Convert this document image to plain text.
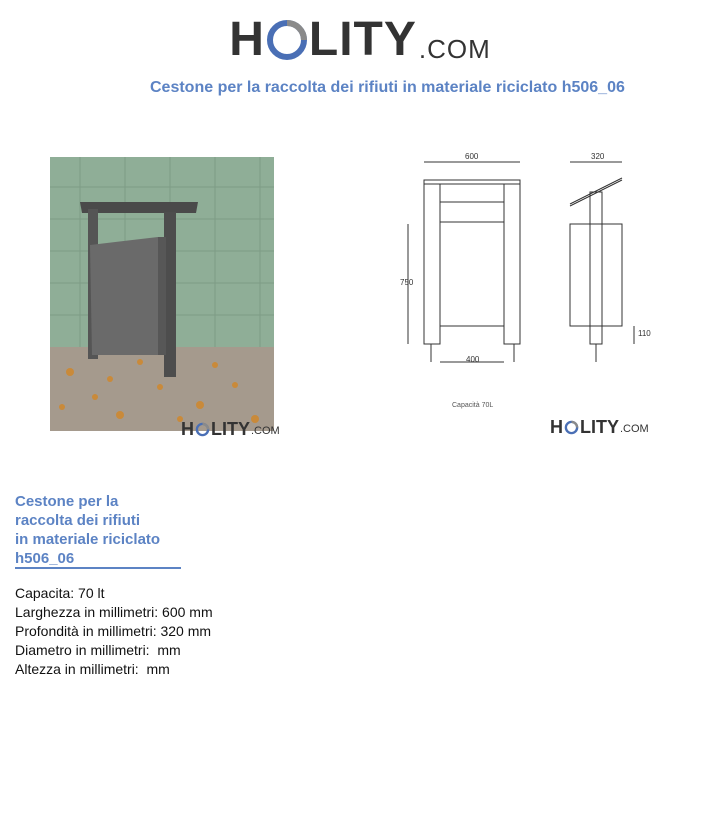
H LITY .COM
Cestone per la raccolta dei rifiuti in materiale riciclato h506_06
H LITY .COM
600	320
750
400
110
Capacità 70L
H LITY .COM
Cestone per la
raccolta dei rifiuti
in materiale riciclato
h506_06
Capacita: 70 lt
Larghezza in millimetri: 600 mm
Profondità in millimetri: 320 mm
Diametro in millimetri:  mm
Altezza in millimetri:  mm
